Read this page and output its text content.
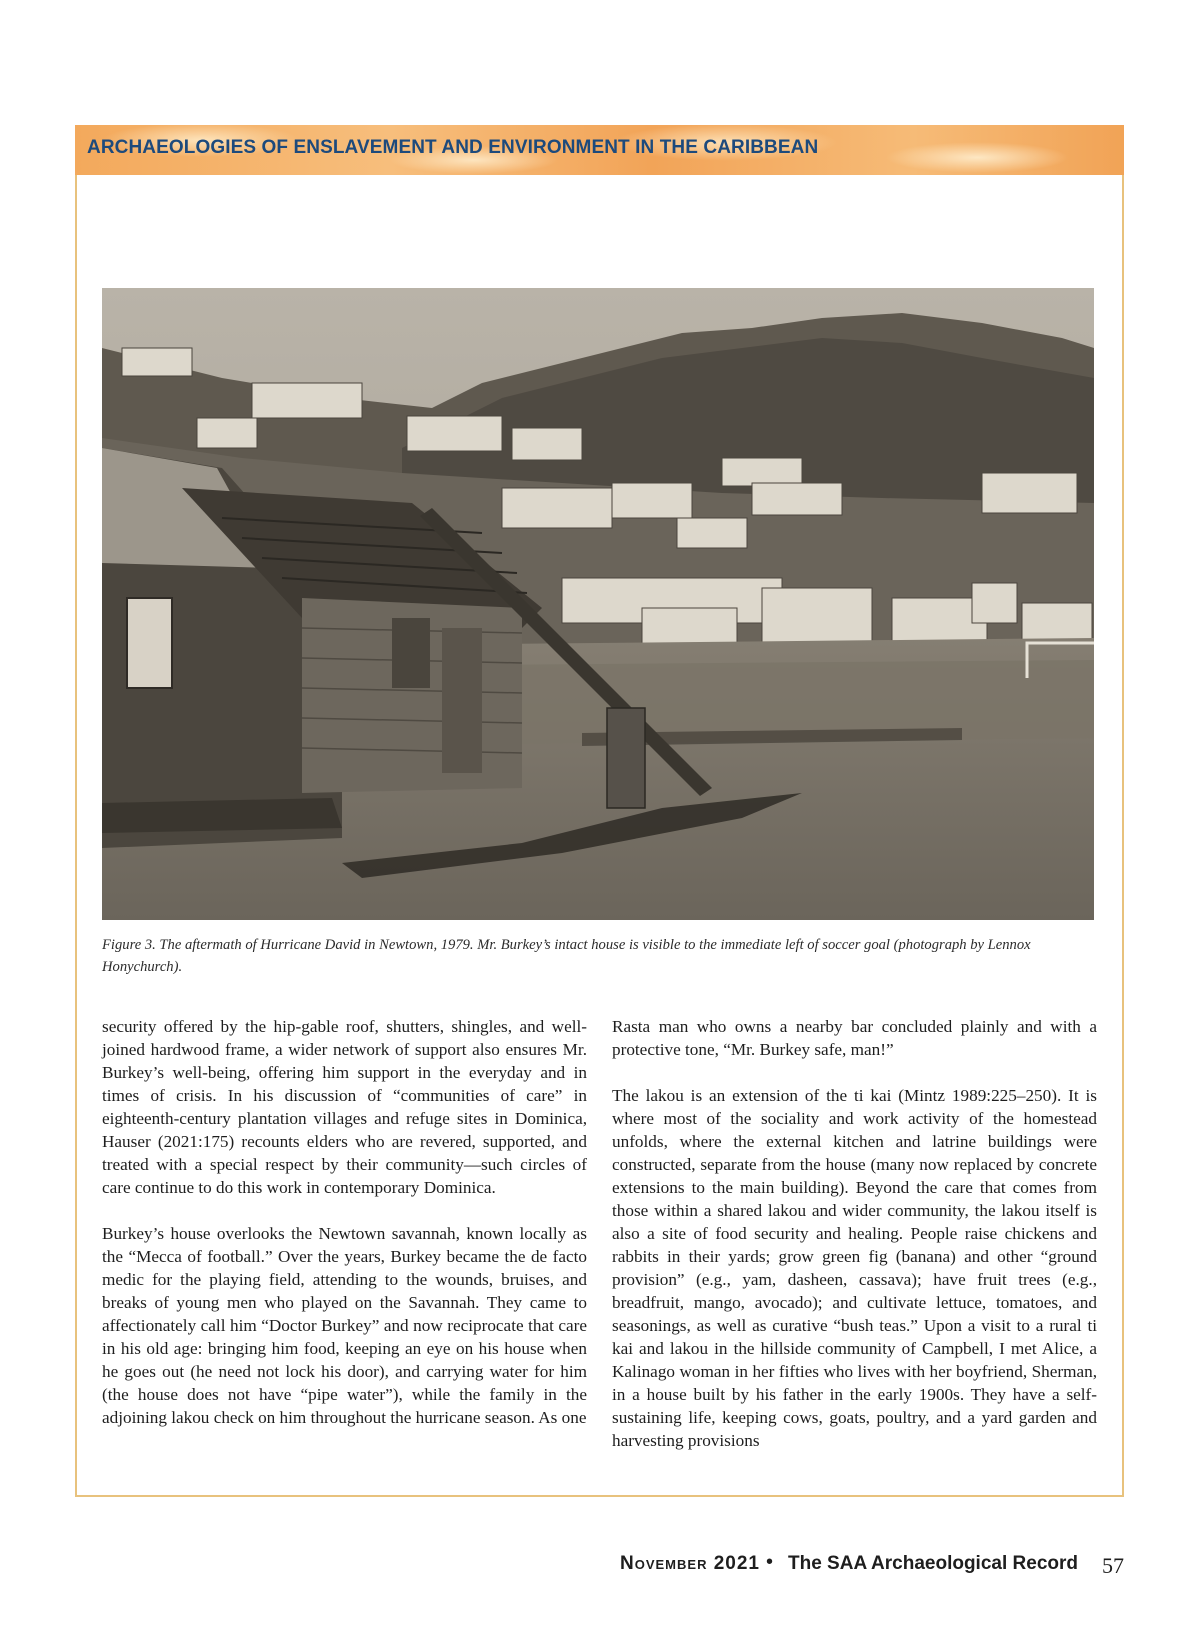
ARCHAEOLOGIES OF ENSLAVEMENT AND ENVIRONMENT IN THE CARIBBEAN

Figure 3. The aftermath of Hurricane David in Newtown, 1979. Mr. Burkey’s intact house is visible to the immediate left of soccer goal (photograph by Lennox Honychurch).

security offered by the hip-gable roof, shutters, shingles, and well-joined hardwood frame, a wider network of support also ensures Mr. Burkey’s well-being, offering him support in the everyday and in times of crisis. In his discussion of “communities of care” in eighteenth-century plantation villages and refuge sites in Dominica, Hauser (2021:175) recounts elders who are revered, supported, and treated with a special respect by their community—such circles of care continue to do this work in contemporary Dominica.

Burkey’s house overlooks the Newtown savannah, known locally as the “Mecca of football.” Over the years, Burkey became the de facto medic for the playing field, attending to the wounds, bruises, and breaks of young men who played on the Savannah. They came to affectionately call him “Doctor Burkey” and now reciprocate that care in his old age: bringing him food, keeping an eye on his house when he goes out (he need not lock his door), and carrying water for him (the house does not have “pipe water”), while the family in the adjoining lakou check on him throughout the hurricane season. As one

Rasta man who owns a nearby bar concluded plainly and with a protective tone, “Mr. Burkey safe, man!”

The lakou is an extension of the ti kai (Mintz 1989:225–250). It is where most of the sociality and work activity of the homestead unfolds, where the external kitchen and latrine buildings were constructed, separate from the house (many now replaced by concrete extensions to the main building). Beyond the care that comes from those within a shared lakou and wider community, the lakou itself is also a site of food security and healing. People raise chickens and rabbits in their yards; grow green fig (banana) and other “ground provision” (e.g., yam, dasheen, cassava); have fruit trees (e.g., breadfruit, mango, avocado); and cultivate lettuce, tomatoes, and seasonings, as well as curative “bush teas.” Upon a visit to a rural ti kai and lakou in the hillside community of Campbell, I met Alice, a Kalinago woman in her fifties who lives with her boyfriend, Sherman, in a house built by his father in the early 1900s. They have a self-sustaining life, keeping cows, goats, poultry, and a yard garden and harvesting provisions

November 2021 • The SAA Archaeological Record 57
